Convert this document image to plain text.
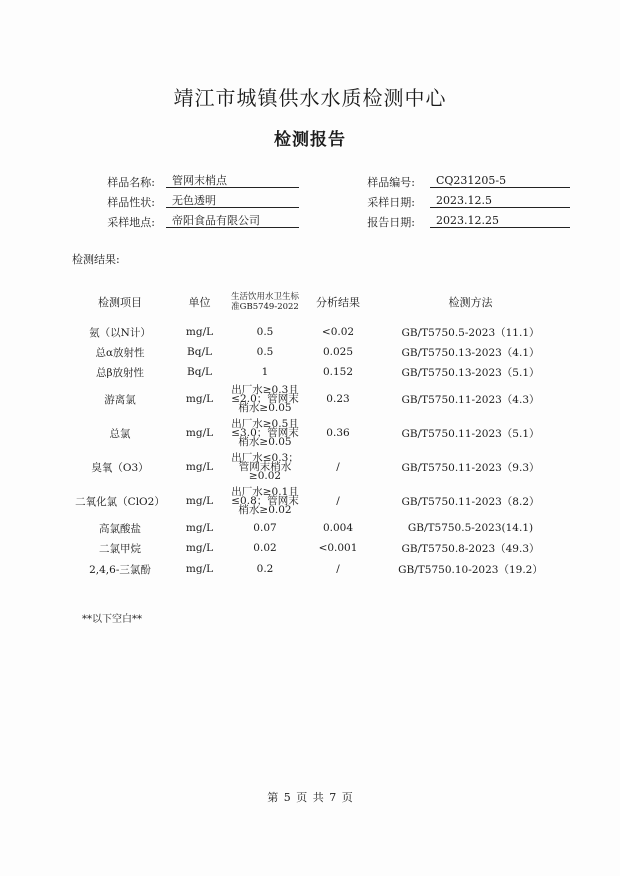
靖江市城镇供水水质检测中心
检测报告
样品名称:	管网末梢点	样品编号:	CQ231205-5
样品性状:	无色透明	采样日期:	2023.12.5
采样地点:	帝阳食品有限公司	报告日期:	2023.12.25
检测结果:
检测项目	单位	生活饮用水卫生标准GB5749-2022	分析结果	检测方法
氨（以N计）	mg/L	0.5	<0.02	GB/T5750.5-2023（11.1）
总α放射性	Bq/L	0.5	0.025	GB/T5750.13-2023（4.1）
总β放射性	Bq/L	1	0.152	GB/T5750.13-2023（5.1）
游离氯	mg/L	出厂水≥0.3且≤2.0；管网末梢水≥0.05	0.23	GB/T5750.11-2023（4.3）
总氯	mg/L	出厂水≥0.5且≤3.0；管网末梢水≥0.05	0.36	GB/T5750.11-2023（5.1）
臭氧（O3）	mg/L	出厂水≤0.3；管网末梢水≥0.02	/	GB/T5750.11-2023（9.3）
二氧化氯（ClO2）	mg/L	出厂水≥0.1且≤0.8；管网末梢水≥0.02	/	GB/T5750.11-2023（8.2）
高氯酸盐	mg/L	0.07	0.004	GB/T5750.5-2023(14.1)
二氯甲烷	mg/L	0.02	<0.001	GB/T5750.8-2023（49.3）
2,4,6-三氯酚	mg/L	0.2	/	GB/T5750.10-2023（19.2）
**以下空白**
第 5 页 共 7 页
